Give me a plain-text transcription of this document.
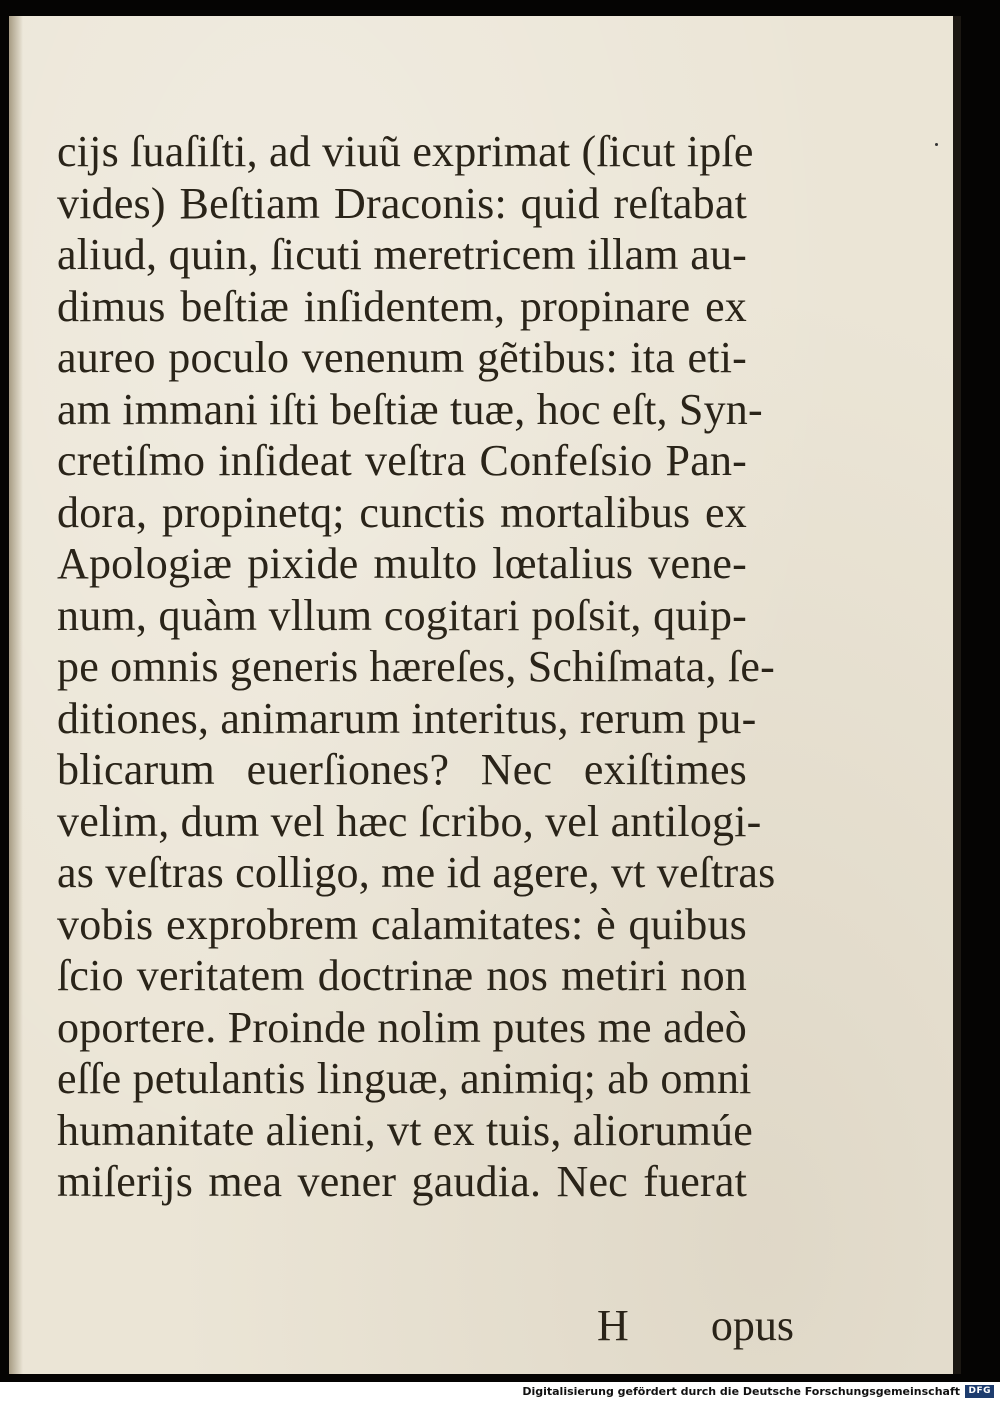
cijs ſuaſiſti, ad viuũ exprimat (ſicut ipſe
vides) Beſtiam Draconis: quid reſtabat
aliud, quin, ſicuti meretricem illam au-
dimus beſtiæ inſidentem, propinare ex
aureo poculo venenum gẽtibus: ita eti-
am immani iſti beſtiæ tuæ, hoc eſt, Syn-
cretiſmo inſideat veſtra Confeſsio Pan-
dora, propinetq; cunctis mortalibus ex
Apologiæ pixide multo lœtalius vene-
num, quàm vllum cogitari poſsit, quip-
pe omnis generis hæreſes, Schiſmata, ſe-
ditiones, animarum interitus, rerum pu-
blicarum euerſiones? Nec exiſtimes
velim, dum vel hæc ſcribo, vel antilogi-
as veſtras colligo, me id agere, vt veſtras
vobis exprobrem calamitates: è quibus
ſcio veritatem doctrinæ nos metiri non
oportere. Proinde nolim putes me adeò
eſſe petulantis linguæ, animiq; ab omni
humanitate alieni, vt ex tuis, aliorumúe
miſerijs mea vener gaudia. Nec fuerat
H opus
Digitalisierung gefördert durch die Deutsche Forschungsgemeinschaft DFG
